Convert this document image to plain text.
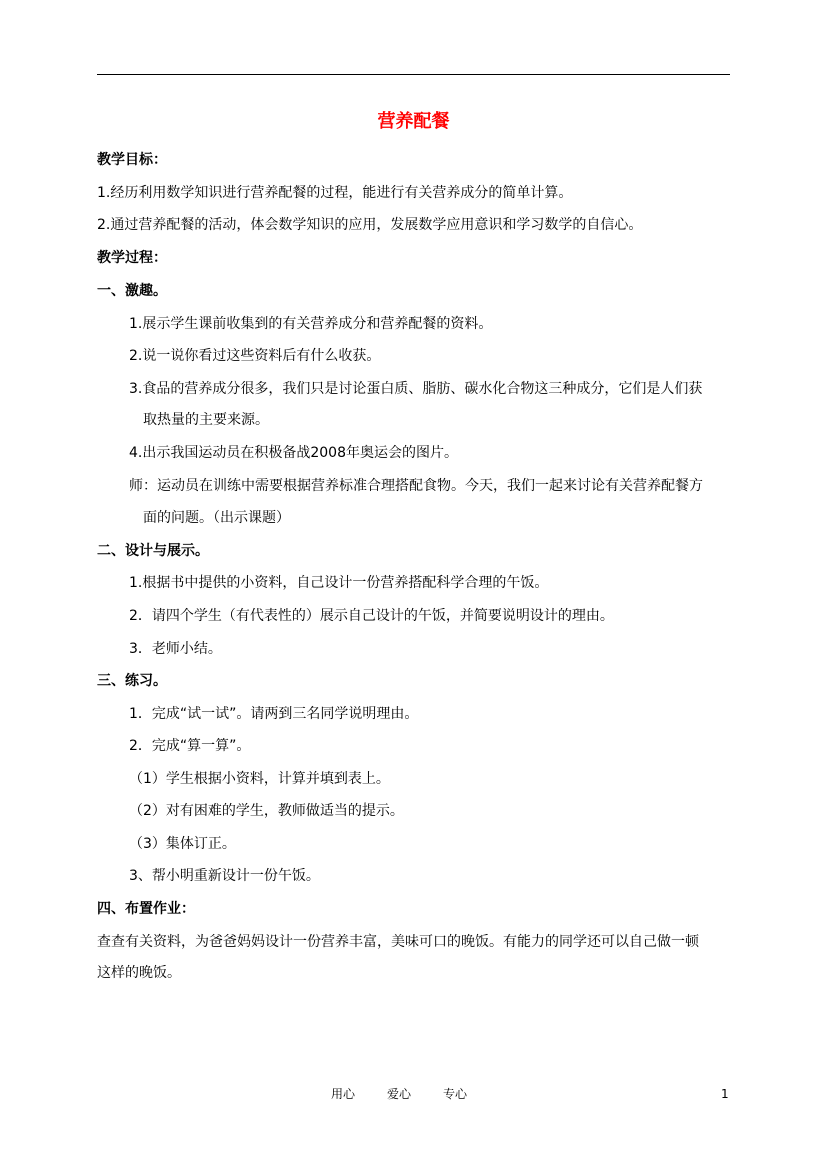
营养配餐
教学目标：
1.经历利用数学知识进行营养配餐的过程，能进行有关营养成分的简单计算。
2.通过营养配餐的活动，体会数学知识的应用，发展数学应用意识和学习数学的自信心。
教学过程：
一、激趣。
1.展示学生课前收集到的有关营养成分和营养配餐的资料。
2.说一说你看过这些资料后有什么收获。
3.食品的营养成分很多，我们只是讨论蛋白质、脂肪、碳水化合物这三种成分，它们是人们获
取热量的主要来源。
4.出示我国运动员在积极备战2008年奥运会的图片。
师：运动员在训练中需要根据营养标准合理搭配食物。今天，我们一起来讨论有关营养配餐方
面的问题。（出示课题）
二、设计与展示。
1.根据书中提供的小资料，自己设计一份营养搭配科学合理的午饭。
2．请四个学生（有代表性的）展示自己设计的午饭，并简要说明设计的理由。
3．老师小结。
三、练习。
1．完成“试一试”。请两到三名同学说明理由。
2．完成“算一算”。
（1）学生根据小资料，计算并填到表上。
（2）对有困难的学生，教师做适当的提示。
（3）集体订正。
3、帮小明重新设计一份午饭。
四、布置作业：
查查有关资料，为爸爸妈妈设计一份营养丰富，美味可口的晚饭。有能力的同学还可以自己做一顿
这样的晚饭。
用心	爱心	专心	1
